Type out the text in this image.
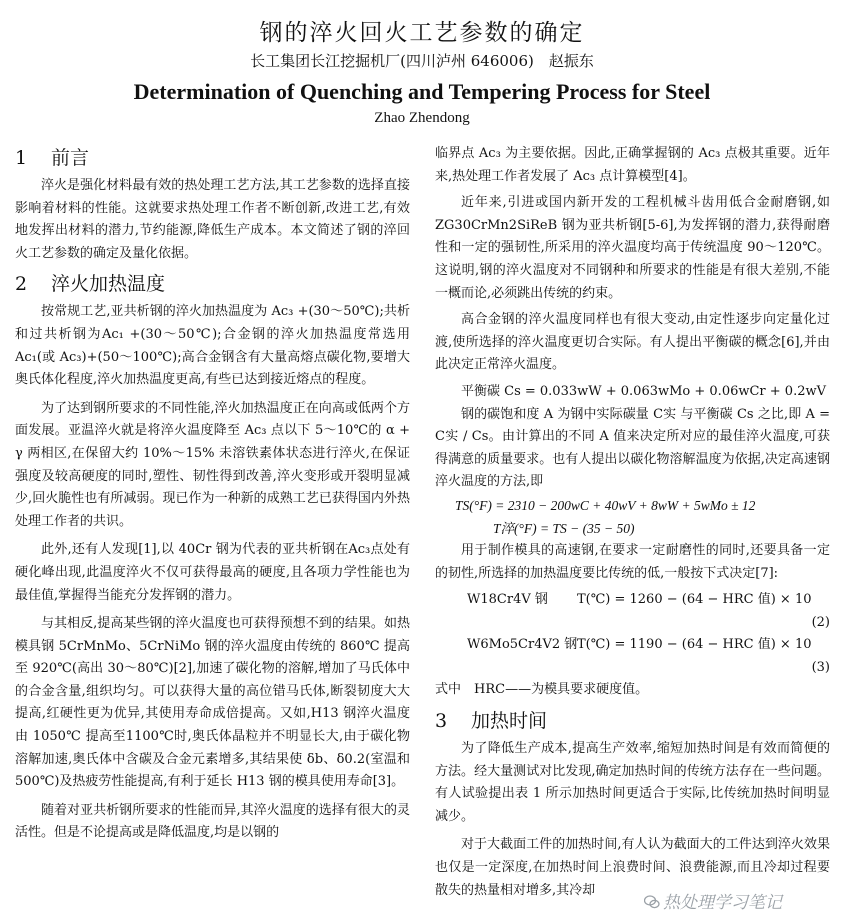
钢的淬火回火工艺参数的确定
长工集团长江挖掘机厂(四川泸州 646006)　赵振东
Determination of Quenching and Tempering Process for Steel
Zhao Zhendong
1 前言

淬火是强化材料最有效的热处理工艺方法,其工艺参数的选择直接影响着材料的性能。这就要求热处理工作者不断创新,改进工艺,有效地发挥出材料的潜力,节约能源,降低生产成本。本文简述了钢的淬回火工艺参数的确定及量化依据。

2 淬火加热温度

按常规工艺,亚共析钢的淬火加热温度为 Ac₃ +(30～50℃);共析和过共析钢为Ac₁ +(30～50℃);合金钢的淬火加热温度常选用Ac₁(或 Ac₃)+(50～100℃);高合金钢含有大量高熔点碳化物,要增大奥氏体化程度,淬火加热温度更高,有些已达到接近熔点的程度。

为了达到钢所要求的不同性能,淬火加热温度正在向高或低两个方面发展。亚温淬火就是将淬火温度降至 Ac₃ 点以下 5～10℃的 α + γ 两相区,在保留大约 10%～15% 未溶铁素体状态进行淬火,在保证强度及较高硬度的同时,塑性、韧性得到改善,淬火变形或开裂明显减少,回火脆性也有所减弱。现已作为一种新的成熟工艺已获得国内外热处理工作者的共识。

此外,还有人发现[1],以 40Cr 钢为代表的亚共析钢在Ac₃点处有硬化峰出现,此温度淬火不仅可获得最高的硬度,且各项力学性能也为最佳值,掌握得当能充分发挥钢的潜力。

与其相反,提高某些钢的淬火温度也可获得预想不到的结果。如热模具钢 5CrMnMo、5CrNiMo 钢的淬火温度由传统的 860℃ 提高至 920℃(高出 30～80℃)[2],加速了碳化物的溶解,增加了马氏体中的合金含量,组织均匀。可以获得大量的高位错马氏体,断裂韧度大大提高,红硬性更为优异,其使用寿命成倍提高。又如,H13 钢淬火温度由 1050℃ 提高至1100℃时,奥氏体晶粒并不明显长大,由于碳化物溶解加速,奥氏体中含碳及合金元素增多,其结果使 δb、δ0.2(室温和500℃)及热疲劳性能提高,有利于延长 H13 钢的模具使用寿命[3]。

随着对亚共析钢所要求的性能而异,其淬火温度的选择有很大的灵活性。但是不论提高或是降低温度,均是以钢的

临界点 Ac₃ 为主要依据。因此,正确掌握钢的 Ac₃ 点极其重要。近年来,热处理工作者发展了 Ac₃ 点计算模型[4]。

近年来,引进或国内新开发的工程机械斗齿用低合金耐磨钢,如 ZG30CrMn2SiReB 钢为亚共析钢[5-6],为发挥钢的潜力,获得耐磨性和一定的强韧性,所采用的淬火温度均高于传统温度 90～120℃。这说明,钢的淬火温度对不同钢种和所要求的性能是有很大差别,不能一概而论,必须跳出传统的约束。

高合金钢的淬火温度同样也有很大变动,由定性逐步向定量化过渡,使所选择的淬火温度更切合实际。有人提出平衡碳的概念[6],并由此决定正常淬火温度。

平衡碳 Cs = 0.033wW + 0.063wMo + 0.06wCr + 0.2wV

钢的碳饱和度 A 为钢中实际碳量 C实 与平衡碳 Cs 之比,即 A = C实 / Cs。由计算出的不同 A 值来决定所对应的最佳淬火温度,可获得满意的质量要求。也有人提出以碳化物溶解温度为依据,决定高速钢淬火温度的方法,即

TS(°F) = 2310 − 200wC + 40wV + 8wW + 5wMo ± 12
T淬(°F) = TS − (35 − 50)

用于制作模具的高速钢,在要求一定耐磨性的同时,还要具备一定的韧性,所选择的加热温度要比传统的低,一般按下式决定[7]:

W18Cr4V 钢 T(℃) = 1260 − (64 − HRC 值) × 10
(2)
W6Mo5Cr4V2 钢T(℃) = 1190 − (64 − HRC 值) × 10
(3)

式中　HRC——为模具要求硬度值。

3 加热时间

为了降低生产成本,提高生产效率,缩短加热时间是有效而简便的方法。经大量测试对比发现,确定加热时间的传统方法存在一些问题。有人试验提出表 1 所示加热时间更适合于实际,比传统加热时间明显减少。

对于大截面工件的加热时间,有人认为截面大的工件达到淬火效果也仅是一定深度,在加热时间上浪费时间、浪费能源,而且冷却过程要散失的热量相对增多,其冷却

热处理学习笔记
